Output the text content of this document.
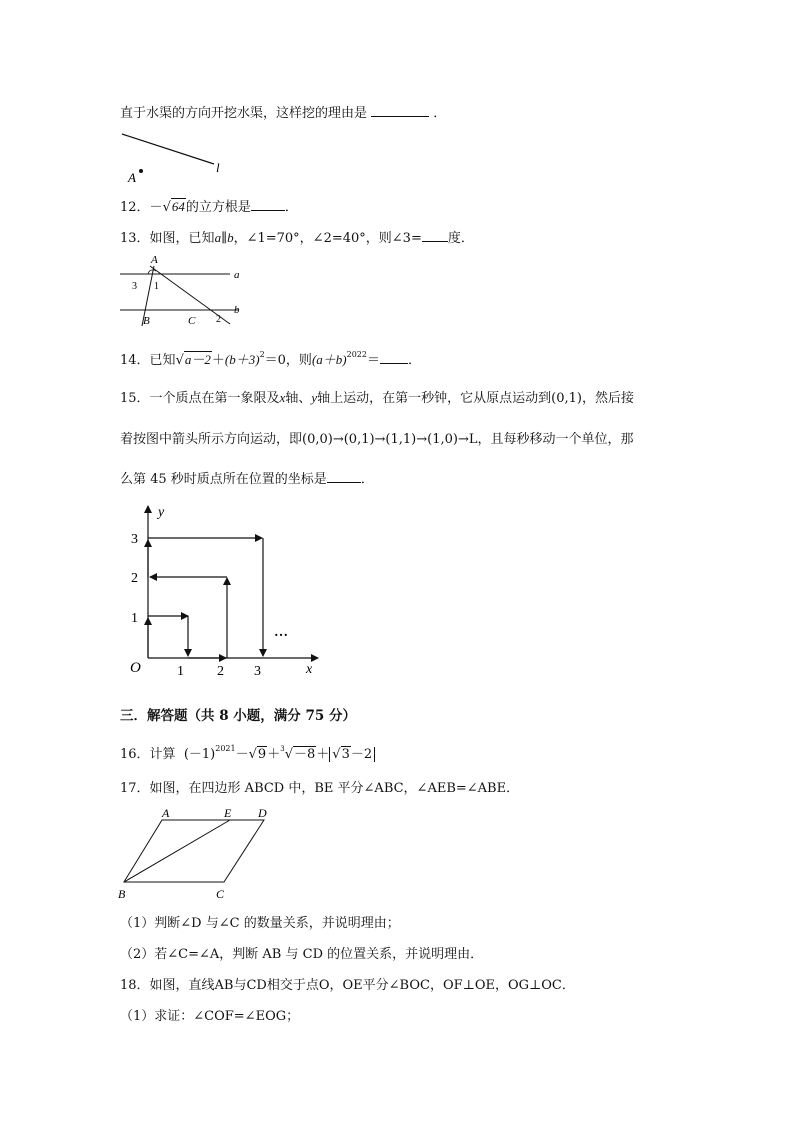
直于水渠的方向开挖水渠，这样挖的理由是	．
l
A
12．－√64的立方根是	．
13．如图，已知a∥b，∠1=70°，∠2=40°，则∠3= 度．
A
a
b
B	C
1
2
3
14．已知$√a-2+(b+3)^2=0$，则$(a+b)^{2022}=$ ．
15．一个质点在第一象限及x轴、y轴上运动，在第一秒钟，它从原点运动到(0,1)，然后接
着按图中箭头所示方向运动，即(0,0)→(0,1)→(1,1)→(1,0)→L，且每秒移动一个单位，那
么第 45 秒时质点所在位置的坐标是	．
y
x
O	1 2 3
1
2
3
…
三．解答题（共 8 小题，满分 75 分）
16．计算 $(-1)^{2021}-√9+^3√-8+ √3-2$
17．如图，在四边形 ABCD 中，BE 平分∠ABC，∠AEB=∠ABE．
A	E D
B	C
（1）判断∠D 与∠C 的数量关系，并说明理由；
（2）若∠C=∠A，判断 AB 与 CD 的位置关系，并说明理由．
18．如图，直线AB与CD相交于点O，OE平分∠BOC，OF⊥OE，OG⊥OC．
（1）求证：∠COF=∠EOG；
